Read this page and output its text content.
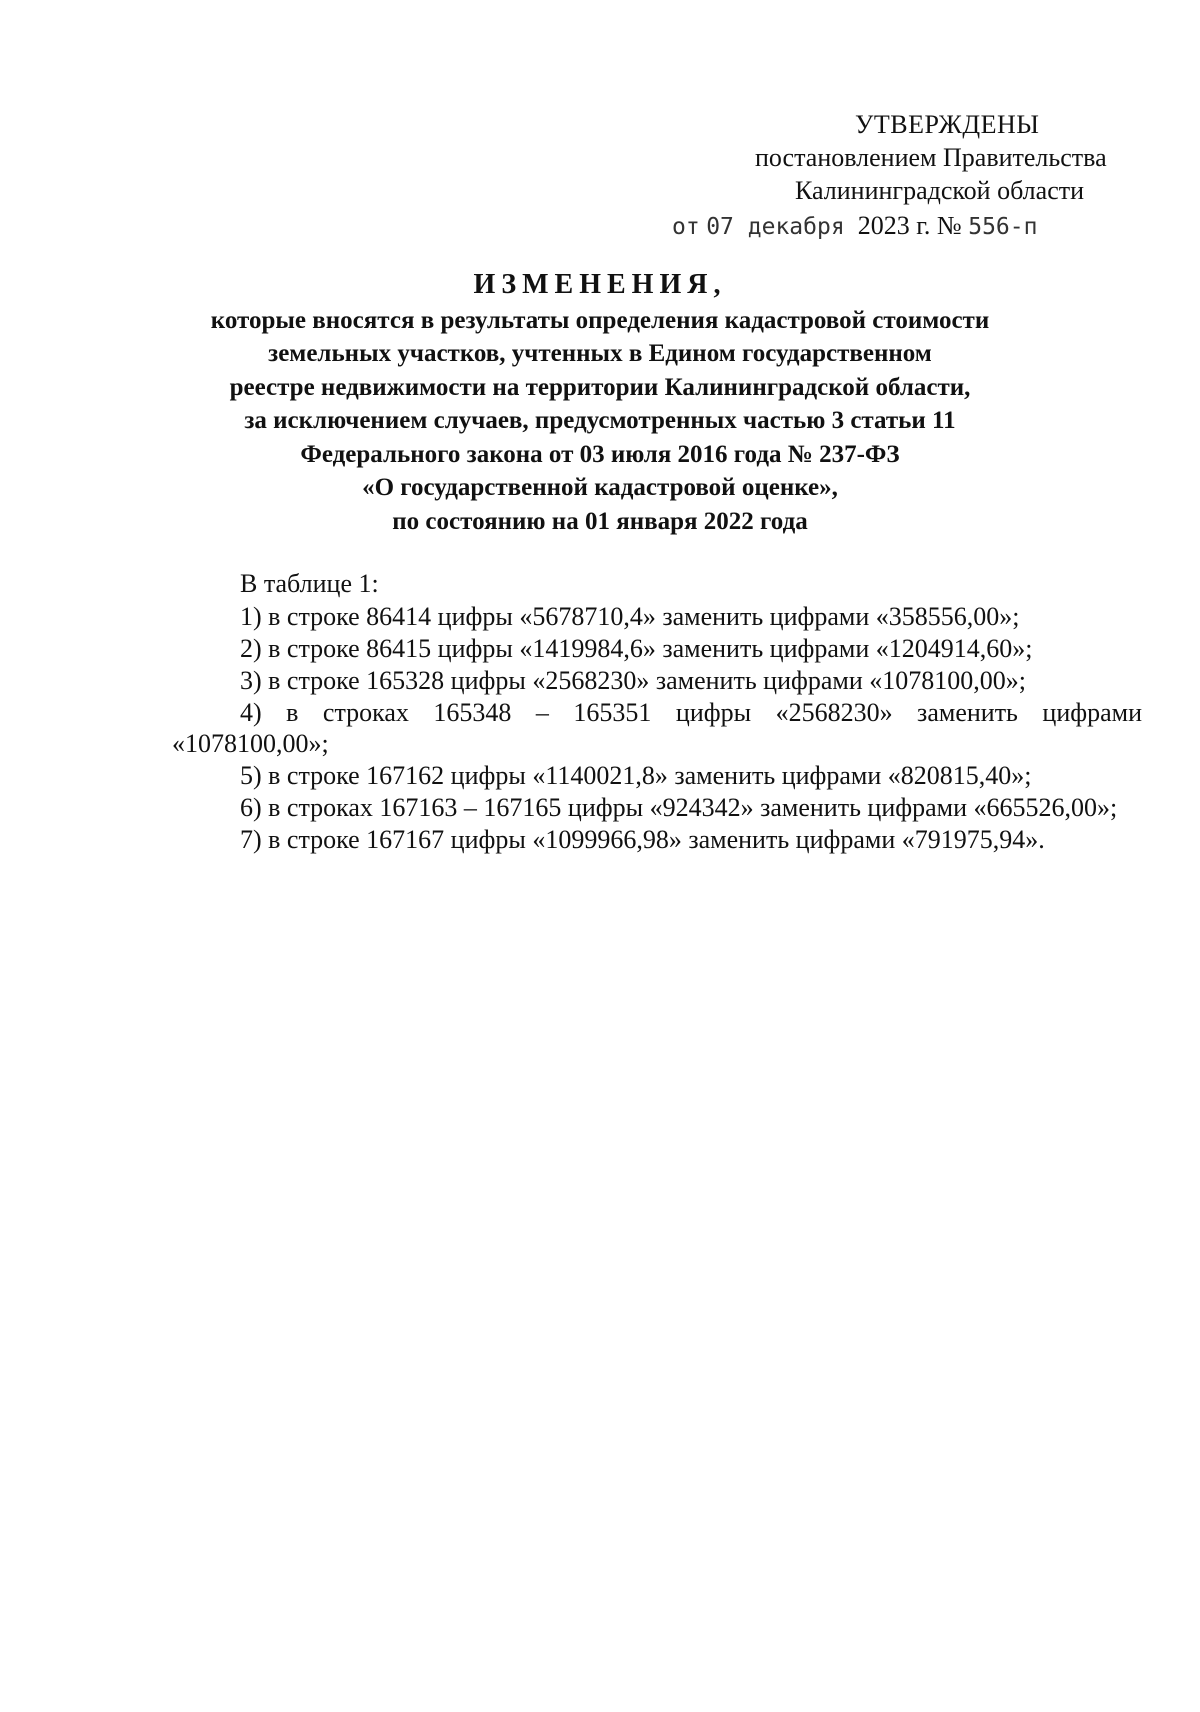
УТВЕРЖДЕНЫ
постановлением Правительства
Калининградской области
от 07 декабря 2023 г. № 556-п
ИЗМЕНЕНИЯ,
которые вносятся в результаты определения кадастровой стоимости
земельных участков, учтенных в Едином государственном
реестре недвижимости на территории Калининградской области,
за исключением случаев, предусмотренных частью 3 статьи 11
Федерального закона от 03 июля 2016 года № 237-ФЗ
«О государственной кадастровой оценке»,
по состоянию на 01 января 2022 года

В таблице 1:

1) в строке 86414 цифры «5678710,4» заменить цифрами «358556,00»;

2) в строке 86415 цифры «1419984,6» заменить цифрами «1204914,60»;

3) в строке 165328 цифры «2568230» заменить цифрами «1078100,00»;

4) в строках 165348 – 165351 цифры «2568230» заменить цифрами «1078100,00»;

5) в строке 167162 цифры «1140021,8» заменить цифрами «820815,40»;

6) в строках 167163 – 167165 цифры «924342» заменить цифрами «665526,00»;

7) в строке 167167 цифры «1099966,98» заменить цифрами «791975,94».
